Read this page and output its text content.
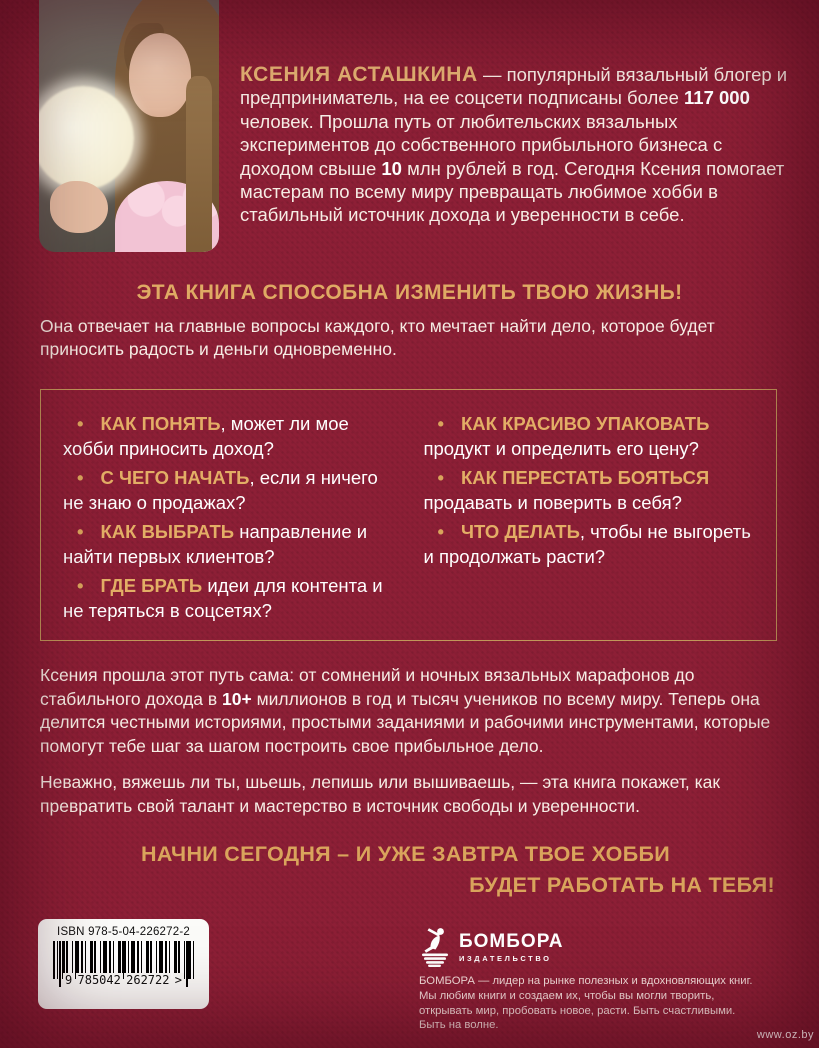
КСЕНИЯ АСТАШКИНА — популярный вязальный блогер и предприниматель, на ее соцсети подписаны более 117 000 человек. Прошла путь от любительских вязальных экспериментов до собственного прибыльного бизнеса с доходом свыше 10 млн рублей в год. Сегодня Ксения помогает мастерам по всему миру превращать любимое хобби в стабильный источник дохода и уверенности в себе.

ЭТА КНИГА СПОСОБНА ИЗМЕНИТЬ ТВОЮ ЖИЗНЬ!

Она отвечает на главные вопросы каждого, кто мечтает найти дело, которое будет приносить радость и деньги одновременно.

• КАК ПОНЯТЬ, может ли мое хобби приносить доход?

• С ЧЕГО НАЧАТЬ, если я ничего не знаю о продажах?

• КАК ВЫБРАТЬ направление и найти первых клиентов?

• ГДЕ БРАТЬ идеи для контента и не теряться в соцсетях?

• КАК КРАСИВО УПАКОВАТЬ продукт и определить его цену?

• КАК ПЕРЕСТАТЬ БОЯТЬСЯ продавать и поверить в себя?

• ЧТО ДЕЛАТЬ, чтобы не выгореть и продолжать расти?

Ксения прошла этот путь сама: от сомнений и ночных вязальных марафонов до стабильного дохода в 10+ миллионов в год и тысяч учеников по всему миру. Теперь она делится честными историями, простыми заданиями и рабочими инструментами, которые помогут тебе шаг за шагом построить свое прибыльное дело.

Неважно, вяжешь ли ты, шьешь, лепишь или вышиваешь, — эта книга покажет, как превратить свой талант и мастерство в источник свободы и уверенности.

НАЧНИ СЕГОДНЯ – И УЖЕ ЗАВТРА ТВОЕ ХОББИ
БУДЕТ РАБОТАТЬ НА ТЕБЯ!
ISBN 978-5-04-226272-2
9 785042 262722 >
БОМБОРА
ИЗДАТЕЛЬСТВО

БОМБОРА — лидер на рынке полезных и вдохновляющих книг. Мы любим книги и создаем их, чтобы вы могли творить, открывать мир, пробовать новое, расти. Быть счастливыми. Быть на волне.

www.oz.by
